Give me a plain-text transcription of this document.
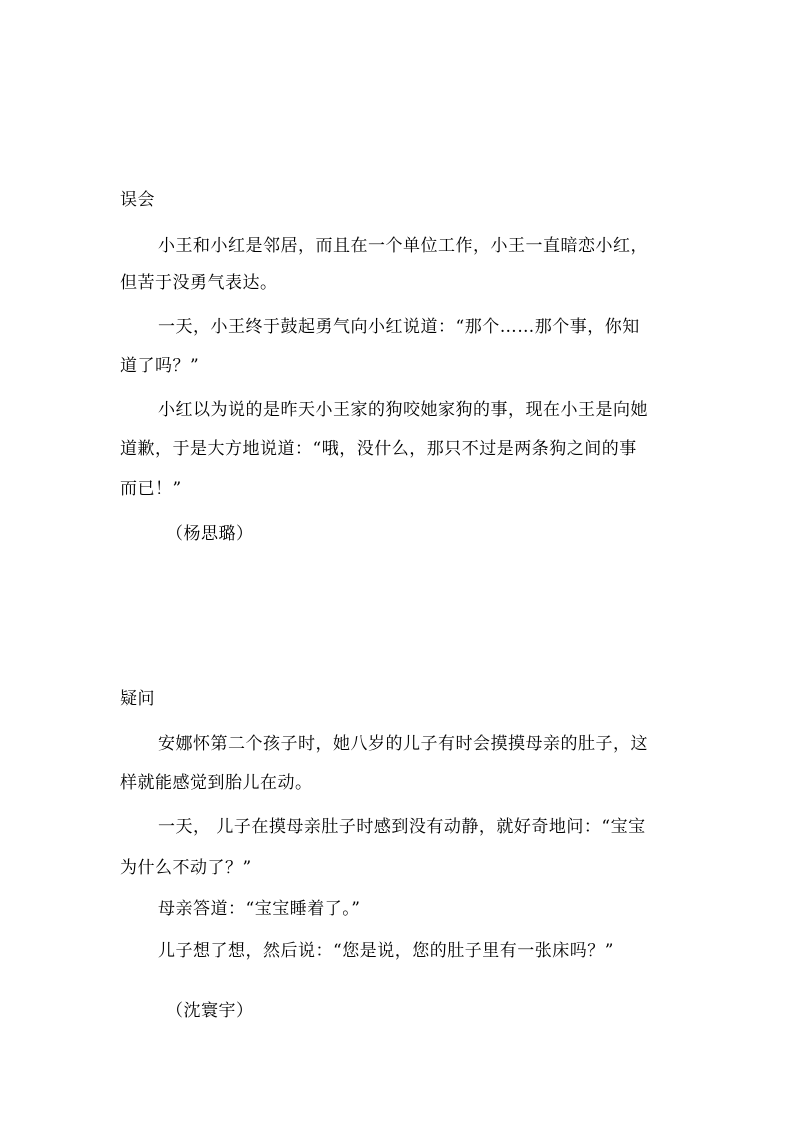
误会
小王和小红是邻居，而且在一个单位工作，小王一直暗恋小红，
但苦于没勇气表达。
一天，小王终于鼓起勇气向小红说道：“那个……那个事，你知
道了吗？”
小红以为说的是昨天小王家的狗咬她家狗的事，现在小王是向她
道歉，于是大方地说道：“哦，没什么，那只不过是两条狗之间的事
而已！”
（杨思璐）
疑问
安娜怀第二个孩子时，她八岁的儿子有时会摸摸母亲的肚子，这
样就能感觉到胎儿在动。
一天， 儿子在摸母亲肚子时感到没有动静，就好奇地问：“宝宝
为什么不动了？”
母亲答道：“宝宝睡着了。”
儿子想了想，然后说：“您是说，您的肚子里有一张床吗？”
（沈寰宇）
